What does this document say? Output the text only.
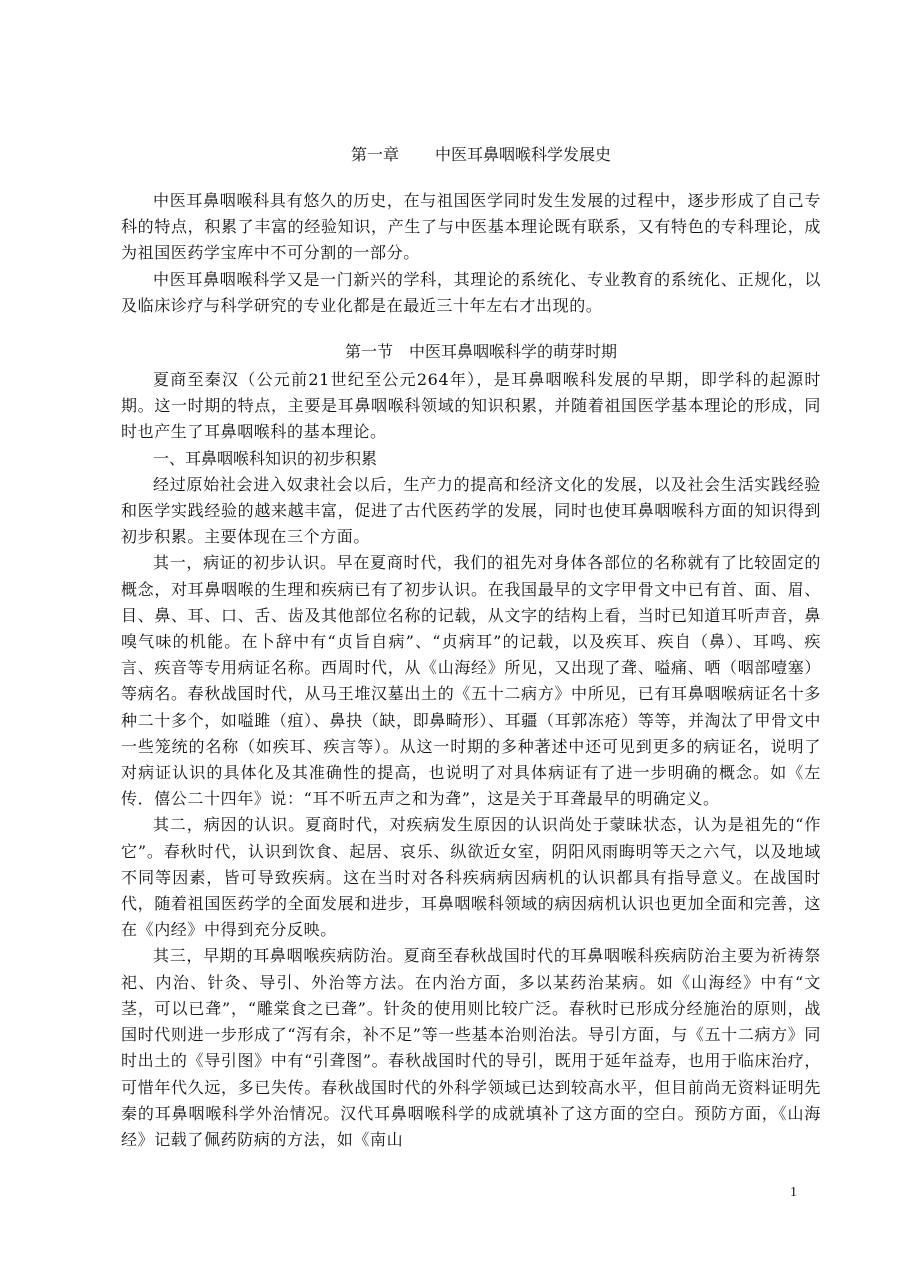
第一章 中医耳鼻咽喉科学发展史

中医耳鼻咽喉科具有悠久的历史，在与祖国医学同时发生发展的过程中，逐步形成了自己专科的特点，积累了丰富的经验知识，产生了与中医基本理论既有联系，又有特色的专科理论，成为祖国医药学宝库中不可分割的一部分。

中医耳鼻咽喉科学又是一门新兴的学科，其理论的系统化、专业教育的系统化、正规化，以及临床诊疗与科学研究的专业化都是在最近三十年左右才出现的。

第一节 中医耳鼻咽喉科学的萌芽时期

夏商至秦汉（公元前21世纪至公元264年），是耳鼻咽喉科发展的早期，即学科的起源时期。这一时期的特点，主要是耳鼻咽喉科领域的知识积累，并随着祖国医学基本理论的形成，同时也产生了耳鼻咽喉科的基本理论。

一、耳鼻咽喉科知识的初步积累

经过原始社会进入奴隶社会以后，生产力的提高和经济文化的发展，以及社会生活实践经验和医学实践经验的越来越丰富，促进了古代医药学的发展，同时也使耳鼻咽喉科方面的知识得到初步积累。主要体现在三个方面。

其一，病证的初步认识。早在夏商时代，我们的祖先对身体各部位的名称就有了比较固定的概念，对耳鼻咽喉的生理和疾病已有了初步认识。在我国最早的文字甲骨文中已有首、面、眉、目、鼻、耳、口、舌、齿及其他部位名称的记载，从文字的结构上看，当时已知道耳听声音，鼻嗅气味的机能。在卜辞中有“贞旨自病”、“贞病耳”的记载，以及疾耳、疾自（鼻）、耳鸣、疾言、疾音等专用病证名称。西周时代，从《山海经》所见，又出现了聋、嗌痛、哂（咽部噎塞）等病名。春秋战国时代，从马王堆汉墓出土的《五十二病方》中所见，已有耳鼻咽喉病证名十多种二十多个，如嗌雎（疽）、鼻抉（缺，即鼻畸形）、耳疆（耳郭冻疮）等等，并淘汰了甲骨文中一些笼统的名称（如疾耳、疾言等）。从这一时期的多种著述中还可见到更多的病证名，说明了对病证认识的具体化及其准确性的提高，也说明了对具体病证有了进一步明确的概念。如《左传．僖公二十四年》说：“耳不听五声之和为聋”，这是关于耳聋最早的明确定义。

其二，病因的认识。夏商时代，对疾病发生原因的认识尚处于蒙昧状态，认为是祖先的“作它”。春秋时代，认识到饮食、起居、哀乐、纵欲近女室，阴阳风雨晦明等天之六气，以及地域不同等因素，皆可导致疾病。这在当时对各科疾病病因病机的认识都具有指导意义。在战国时代，随着祖国医药学的全面发展和进步，耳鼻咽喉科领域的病因病机认识也更加全面和完善，这在《内经》中得到充分反映。

其三，早期的耳鼻咽喉疾病防治。夏商至春秋战国时代的耳鼻咽喉科疾病防治主要为祈祷祭祀、内治、针灸、导引、外治等方法。在内治方面，多以某药治某病。如《山海经》中有“文茎，可以已聋”，“雕棠食之已聋”。针灸的使用则比较广泛。春秋时已形成分经施治的原则，战国时代则进一步形成了“泻有余，补不足”等一些基本治则治法。导引方面，与《五十二病方》同时出土的《导引图》中有“引聋图”。春秋战国时代的导引，既用于延年益寿，也用于临床治疗，可惜年代久远，多已失传。春秋战国时代的外科学领域已达到较高水平，但目前尚无资料证明先秦的耳鼻咽喉科学外治情况。汉代耳鼻咽喉科学的成就填补了这方面的空白。预防方面，《山海经》记载了佩药防病的方法，如《南山

1
